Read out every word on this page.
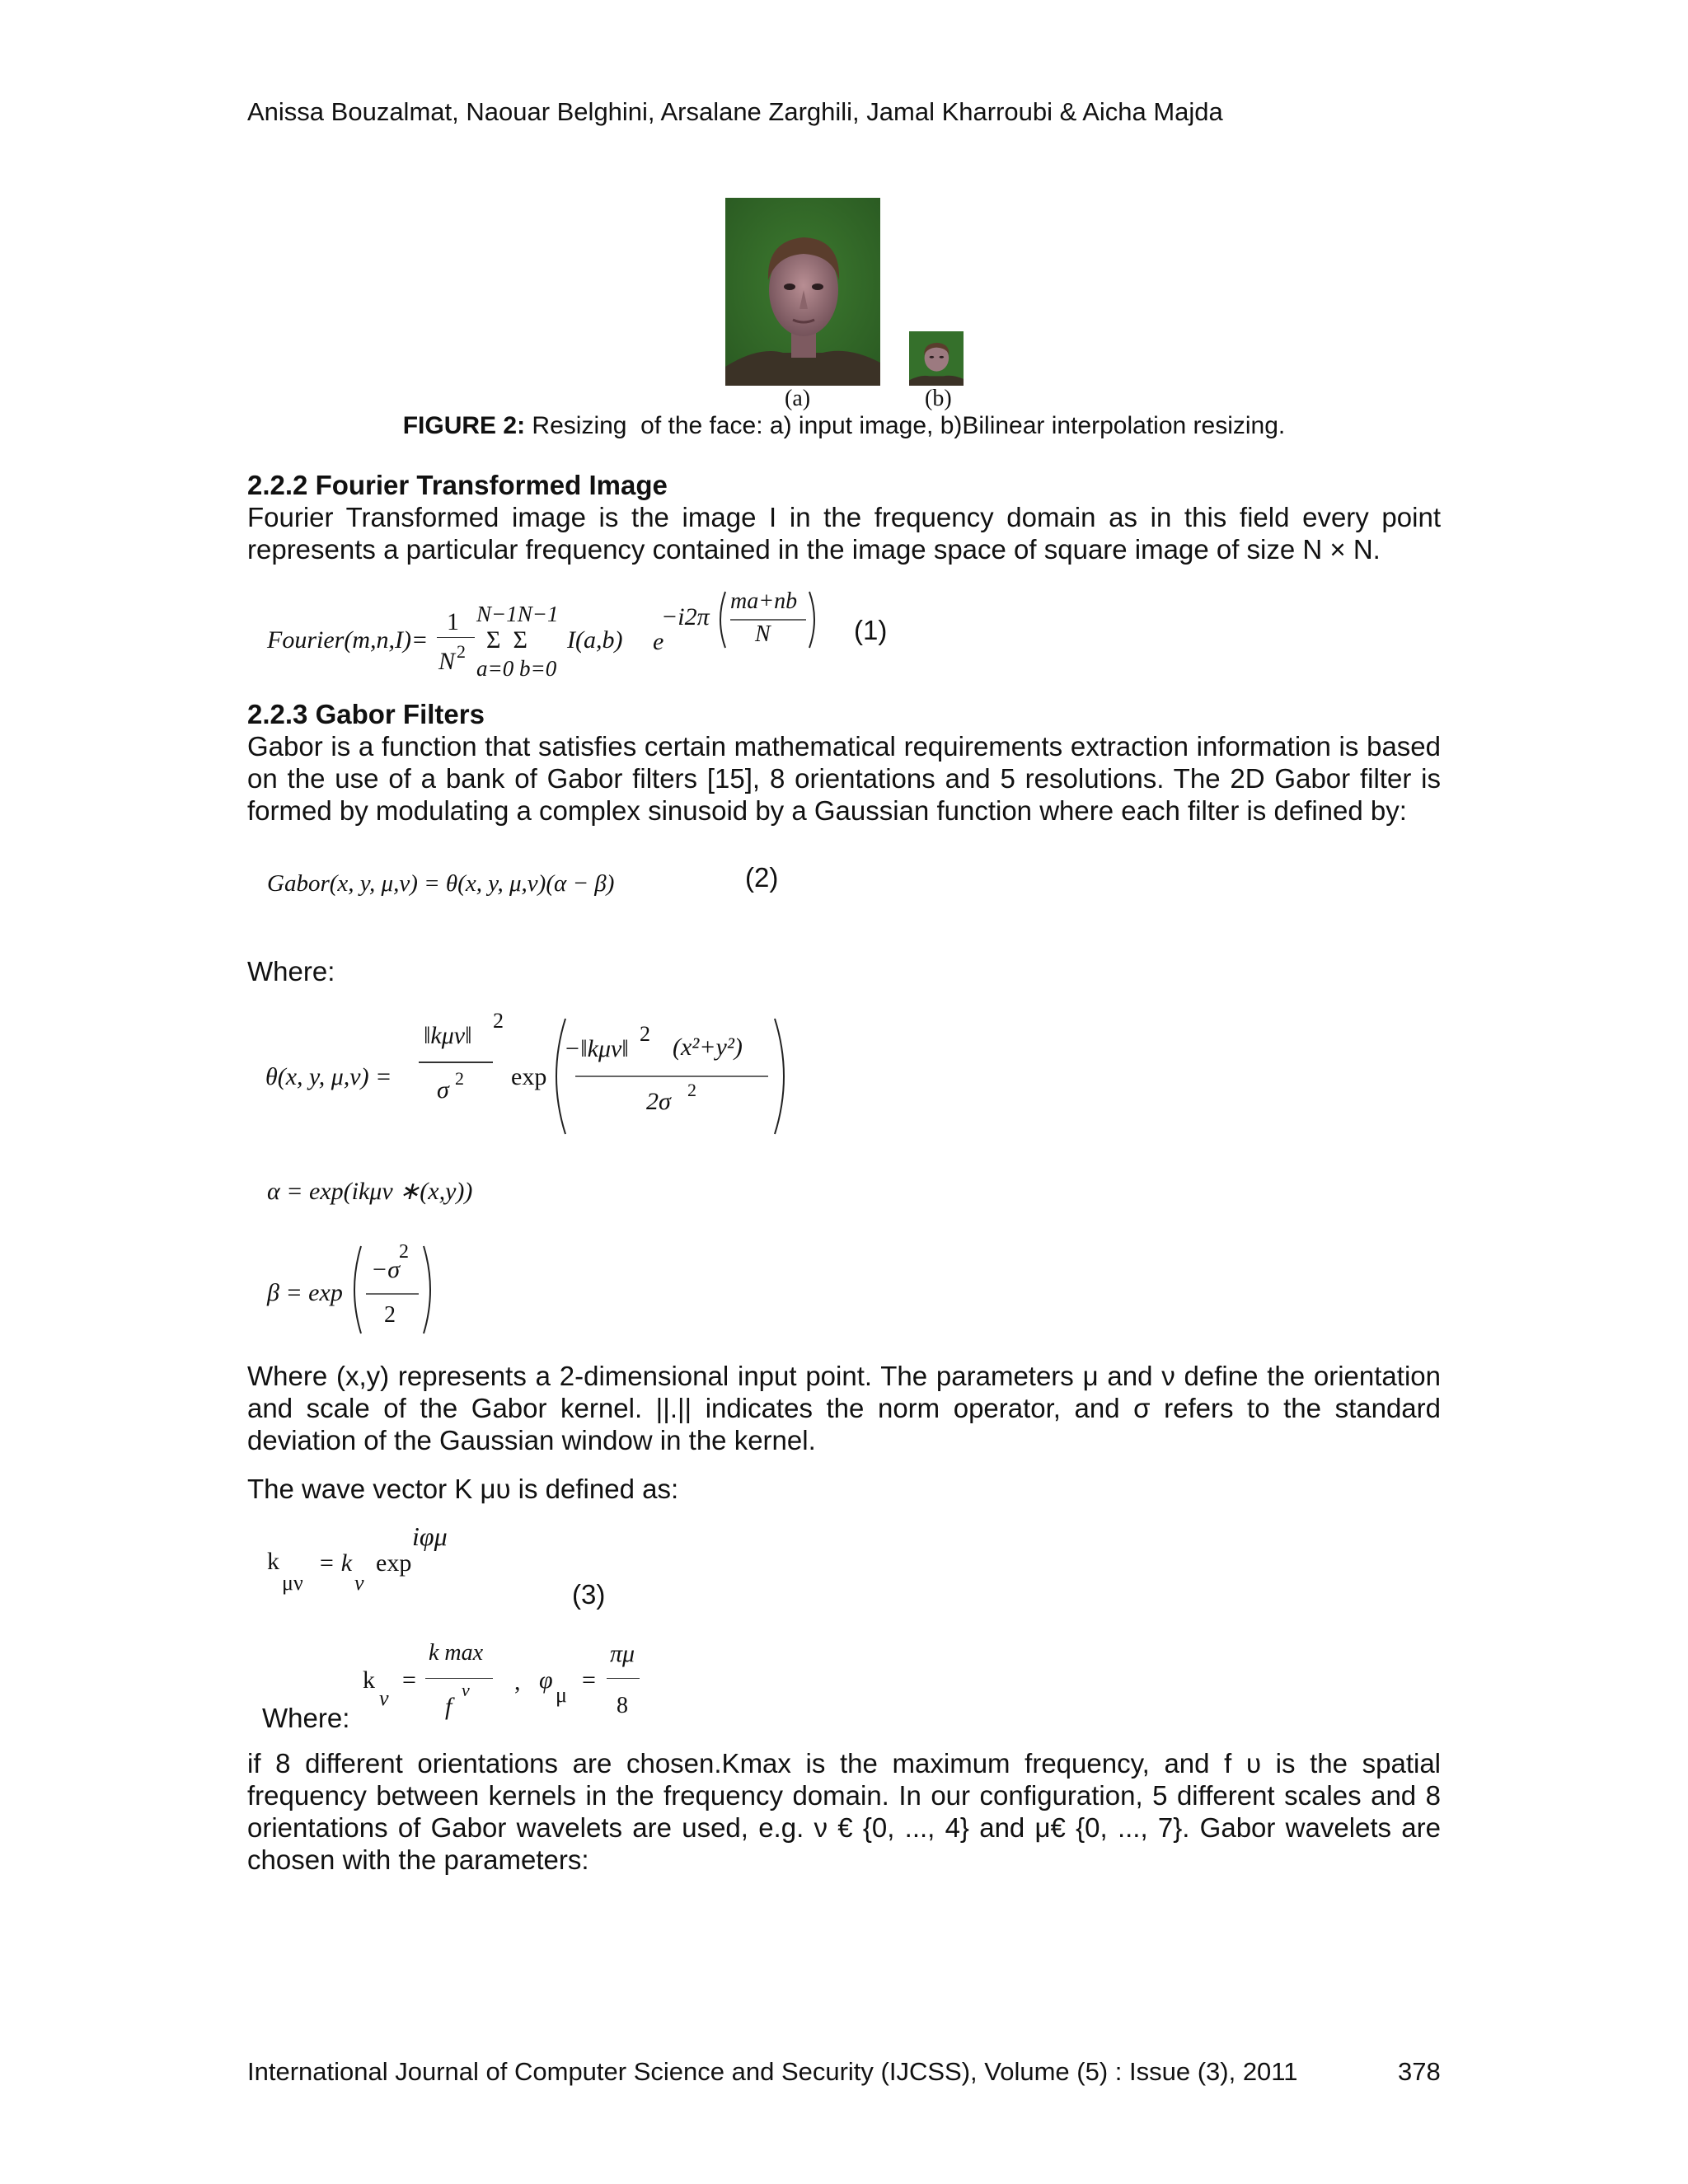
Anissa Bouzalmat, Naouar Belghini, Arsalane Zarghili, Jamal Kharroubi & Aicha Majda
(a)	(b)
FIGURE 2: Resizing  of the face: a) input image, b)Bilinear interpolation resizing.
2.2.2 Fourier Transformed Image
Fourier Transformed image is the image I in the frequency domain as in this field every point represents a particular frequency contained in the image space of square image of size N × N.
Fourier(m,n,I)=
1
N 2
N−1N−1
Σ  Σ
a=0 b=0
I(a,b) e
−i2π
ma+nb
N	(1)
2.2.3 Gabor Filters
Gabor is a function that satisfies certain mathematical requirements extraction information is based on the use of a bank of Gabor filters [15], 8 orientations and 5 resolutions. The 2D Gabor filter is formed by modulating a complex sinusoid by a Gaussian function where each filter is defined by:
Gabor(x, y, μ,ν) = θ(x, y, μ,ν)(α − β)	(2)
Where:
θ(x, y, μ,ν) =
‖kμν‖
2
σ 2 exp
−‖kμν‖
2 (x²+y²)
2σ 2
α = exp(ikμν ∗(x,y))
β = exp
−σ
2
2
Where (x,y) represents a 2-dimensional input point. The parameters μ and ν define the orientation and scale of the Gabor kernel. ||.|| indicates the norm operator, and σ refers to the standard deviation of the Gaussian window in the kernel.
The wave vector K μυ is defined as:
k
μν
= k
ν
exp
iφμ
(3)
Where:
k
ν
=
k max
f
ν , φ
μ
=
πμ
8
if 8 different orientations are chosen.Kmax is the maximum frequency, and f υ is the spatial frequency between kernels in the frequency domain. In our configuration, 5 different scales and 8 orientations of Gabor wavelets are used, e.g. ν € {0, ..., 4} and μ€ {0, ..., 7}. Gabor wavelets are chosen with the parameters:
International Journal of Computer Science and Security (IJCSS), Volume (5) : Issue (3), 2011	378
